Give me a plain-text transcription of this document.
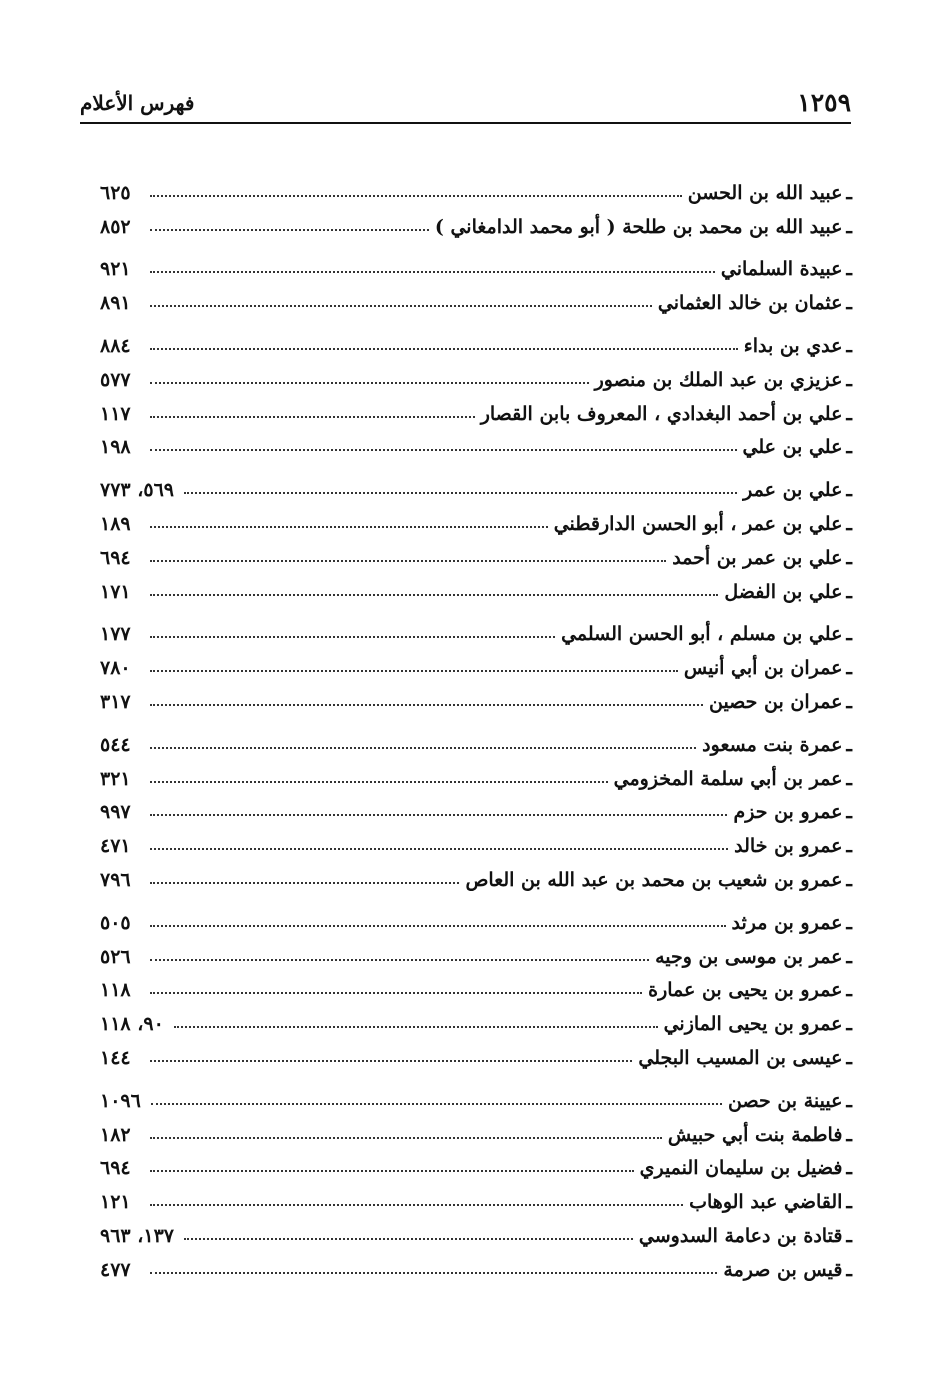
١٢٥٩
فهرس الأعلام
ـ
عبيد الله بن الحسن
٦٢٥
ـ
عبيد الله بن محمد بن طلحة ( أبو محمد الدامغاني )
٨٥٢
ـ
عبيدة السلماني
٩٢١
ـ
عثمان بن خالد العثماني
٨٩١
ـ
عدي بن بداء
٨٨٤
ـ
عزيزي بن عبد الملك بن منصور
٥٧٧
ـ
علي بن أحمد البغدادي ، المعروف بابن القصار
١١٧
ـ
علي بن علي
١٩٨
ـ
علي بن عمر
٥٦٩، ٧٧٣
ـ
علي بن عمر ، أبو الحسن الدارقطني
١٨٩
ـ
علي بن عمر بن أحمد
٦٩٤
ـ
علي بن الفضل
١٧١
ـ
علي بن مسلم ، أبو الحسن السلمي
١٧٧
ـ
عمران بن أبي أنيس
٧٨٠
ـ
عمران بن حصين
٣١٧
ـ
عمرة بنت مسعود
٥٤٤
ـ
عمر بن أبي سلمة المخزومي
٣٢١
ـ
عمرو بن حزم
٩٩٧
ـ
عمرو بن خالد
٤٧١
ـ
عمرو بن شعيب بن محمد بن عبد الله بن العاص
٧٩٦
ـ
عمرو بن مرثد
٥٠٥
ـ
عمر بن موسى بن وجيه
٥٢٦
ـ
عمرو بن يحيى بن عمارة
١١٨
ـ
عمرو بن يحيى المازني
٩٠، ١١٨
ـ
عيسى بن المسيب البجلي
١٤٤
ـ
عيينة بن حصن
١٠٩٦
ـ
فاطمة بنت أبي حبيش
١٨٢
ـ
فضيل بن سليمان النميري
٦٩٤
ـ
القاضي عبد الوهاب
١٢١
ـ
قتادة بن دعامة السدوسي
١٣٧، ٩٦٣
ـ
قيس بن صرمة
٤٧٧
